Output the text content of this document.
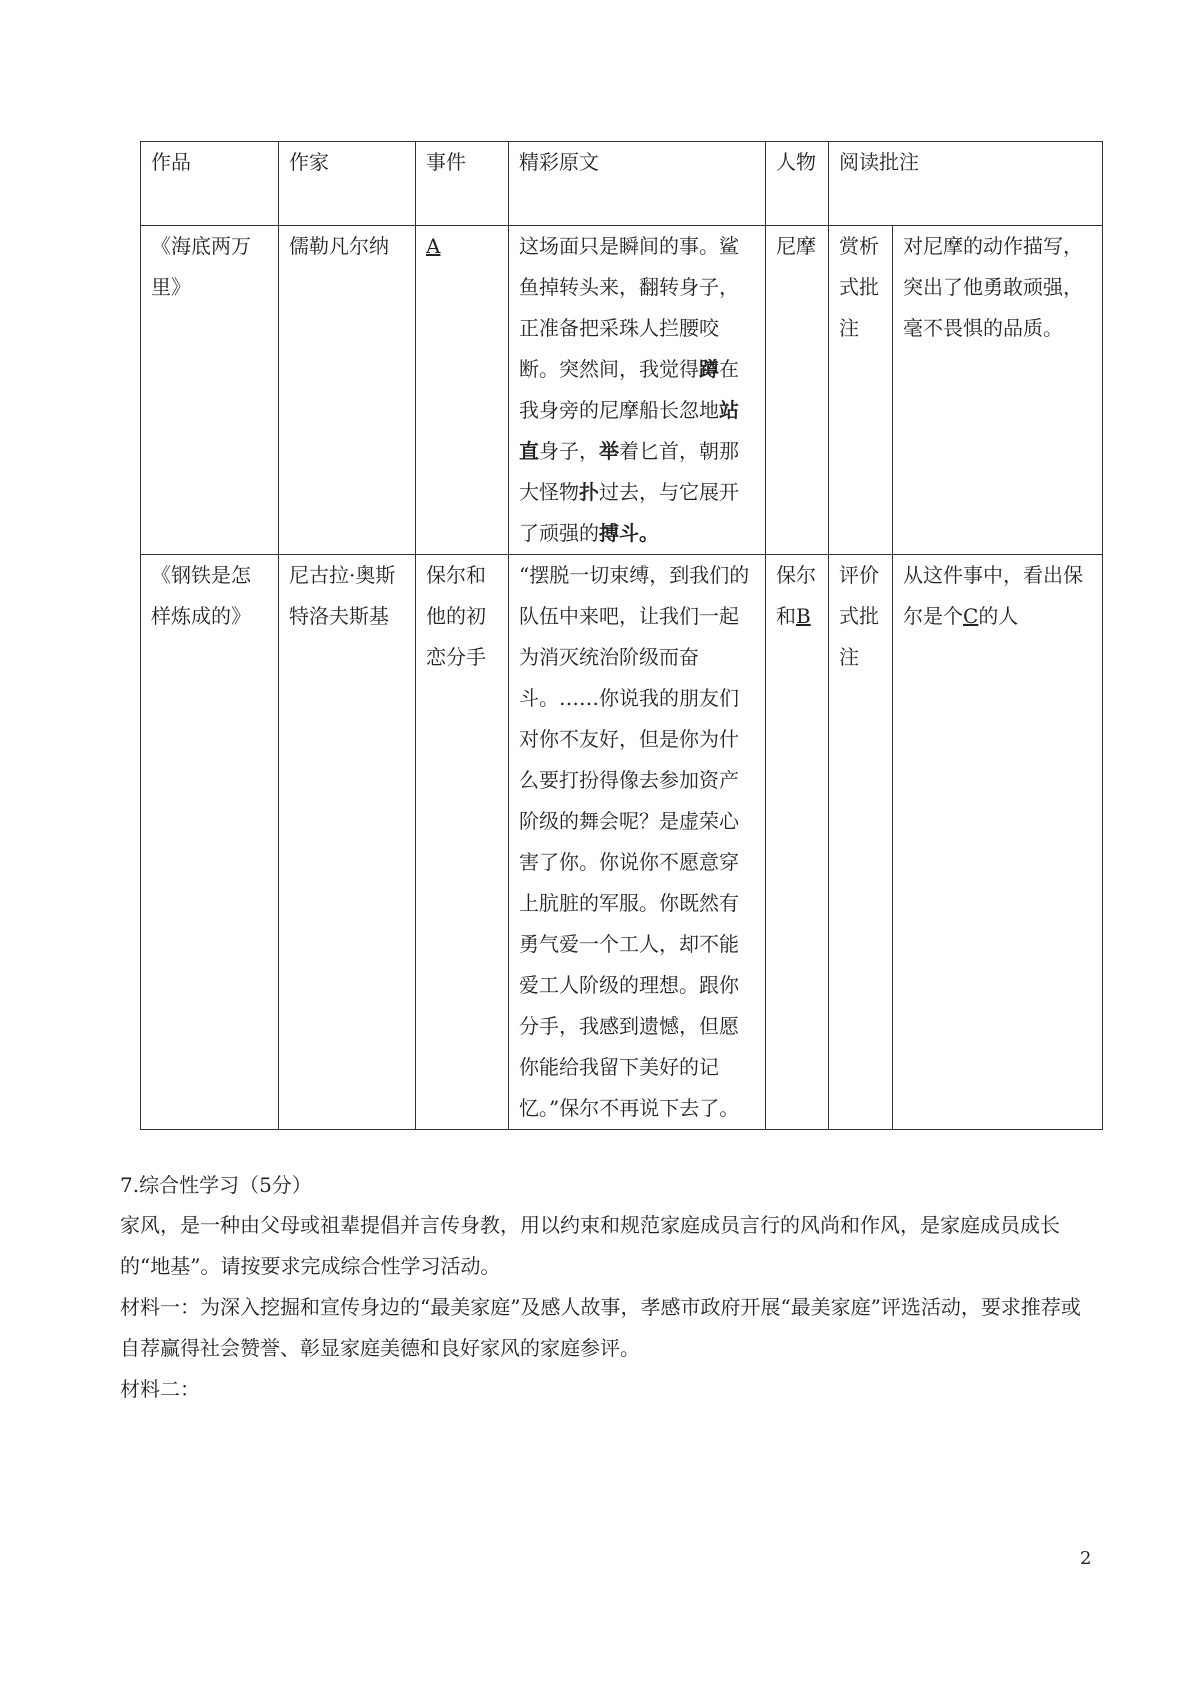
作品	作家	事件	精彩原文	人物	阅读批注	
《海底两万里》	儒勒凡尔纳	A	这场面只是瞬间的事。鲨鱼掉转头来，翻转身子，正准备把采珠人拦腰咬断。突然间，我觉得蹲在我身旁的尼摩船长忽地站直身子，举着匕首，朝那大怪物扑过去，与它展开了顽强的搏斗。	尼摩	赏析式批注	对尼摩的动作描写，突出了他勇敢顽强，毫不畏惧的品质。
《钢铁是怎样炼成的》	尼古拉·奥斯特洛夫斯基	保尔和他的初恋分手	“摆脱一切束缚，到我们的队伍中来吧，让我们一起为消灭统治阶级而奋斗。……你说我的朋友们对你不友好，但是你为什么要打扮得像去参加资产阶级的舞会呢？是虚荣心害了你。你说你不愿意穿上肮脏的军服。你既然有勇气爱一个工人，却不能爱工人阶级的理想。跟你分手，我感到遗憾，但愿你能给我留下美好的记忆。”保尔不再说下去了。	保尔和B	评价式批注	从这件事中，看出保尔是个C的人
7.综合性学习（5分）
家风，是一种由父母或祖辈提倡并言传身教，用以约束和规范家庭成员言行的风尚和作风，是家庭成员成长的“地基”。请按要求完成综合性学习活动。
材料一：为深入挖掘和宣传身边的“最美家庭”及感人故事，孝感市政府开展“最美家庭”评选活动，要求推荐或自荐赢得社会赞誉、彰显家庭美德和良好家风的家庭参评。
材料二：
2
